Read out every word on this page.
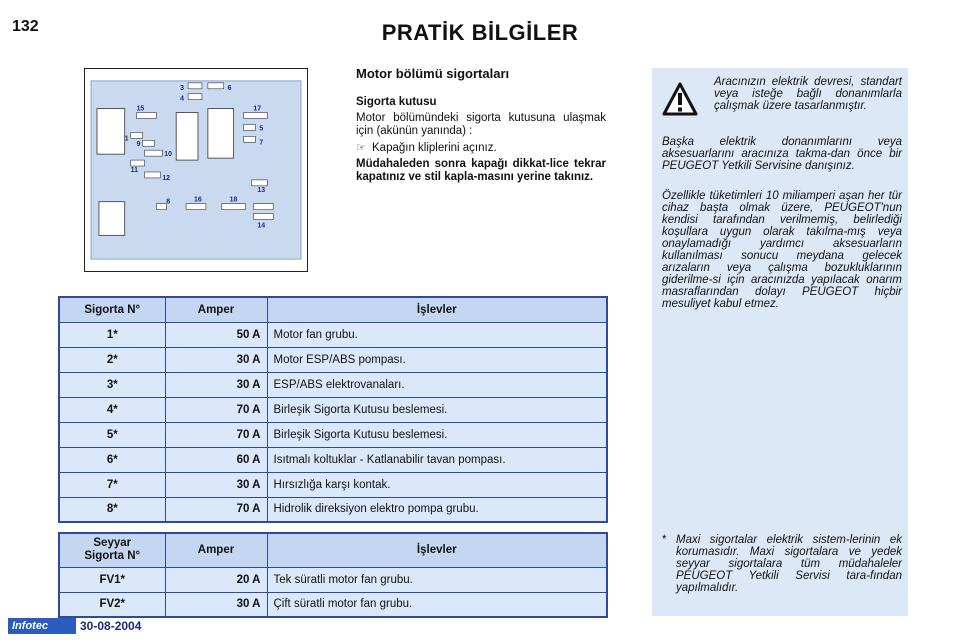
132	PRATİK BİLGİLER
3
4
6
15	17
5
1
9	7
10
11
12
13
8	16	18
14
Motor bölümü sigortaları
Sigorta kutusu
Motor bölümündeki sigorta kutusuna ulaşmak için (akünün yanında) :
☞ Kapağın kliplerini açınız.
Müdahaleden sonra kapağı dikkat-lice tekrar kapatınız ve stil kapla-masını yerine takınız.
Sigorta N°	Amper	İşlevler
1*	50 A	Motor fan grubu.
2*	30 A	Motor ESP/ABS pompası.
3*	30 A	ESP/ABS elektrovanaları.
4*	70 A	Birleşik Sigorta Kutusu beslemesi.
5*	70 A	Birleşik Sigorta Kutusu beslemesi.
6*	60 A	Isıtmalı koltuklar - Katlanabilir tavan pompası.
7*	30 A	Hırsızlığa karşı kontak.
8*	70 A	Hidrolik direksiyon elektro pompa grubu.
Seyyar
Sigorta N°	Amper	İşlevler
FV1*	20 A	Tek süratli motor fan grubu.
FV2*	30 A	Çift süratli motor fan grubu.
Aracınızın elektrik devresi, standart veya isteğe bağlı donanımlarla çalışmak üzere tasarlanmıştır.
Başka elektrik donanımlarını veya aksesuarlarını aracınıza takma-dan önce bir PEUGEOT Yetkili Servisine danışınız.
Özellikle tüketimleri 10 miliamperi aşan her tür cihaz başta olmak üzere, PEUGEOT'nun kendisi tarafından verilmemiş, belirlediği koşullara uygun olarak takılma-mış veya onaylamadığı yardımcı aksesuarların kullanılması sonucu meydana gelecek arızaların veya çalışma bozukluklarının giderilme-si için aracınızda yapılacak onarım masraflarından dolayı PEUGEOT hiçbir mesuliyet kabul etmez.
* Maxi sigortalar elektrik sistem-lerinin ek korumasıdır. Maxi sigortalara ve yedek seyyar sigortalara tüm müdahaleler PEUGEOT Yetkili Servisi tara-fından yapılmalıdır.
Infotec	30-08-2004
